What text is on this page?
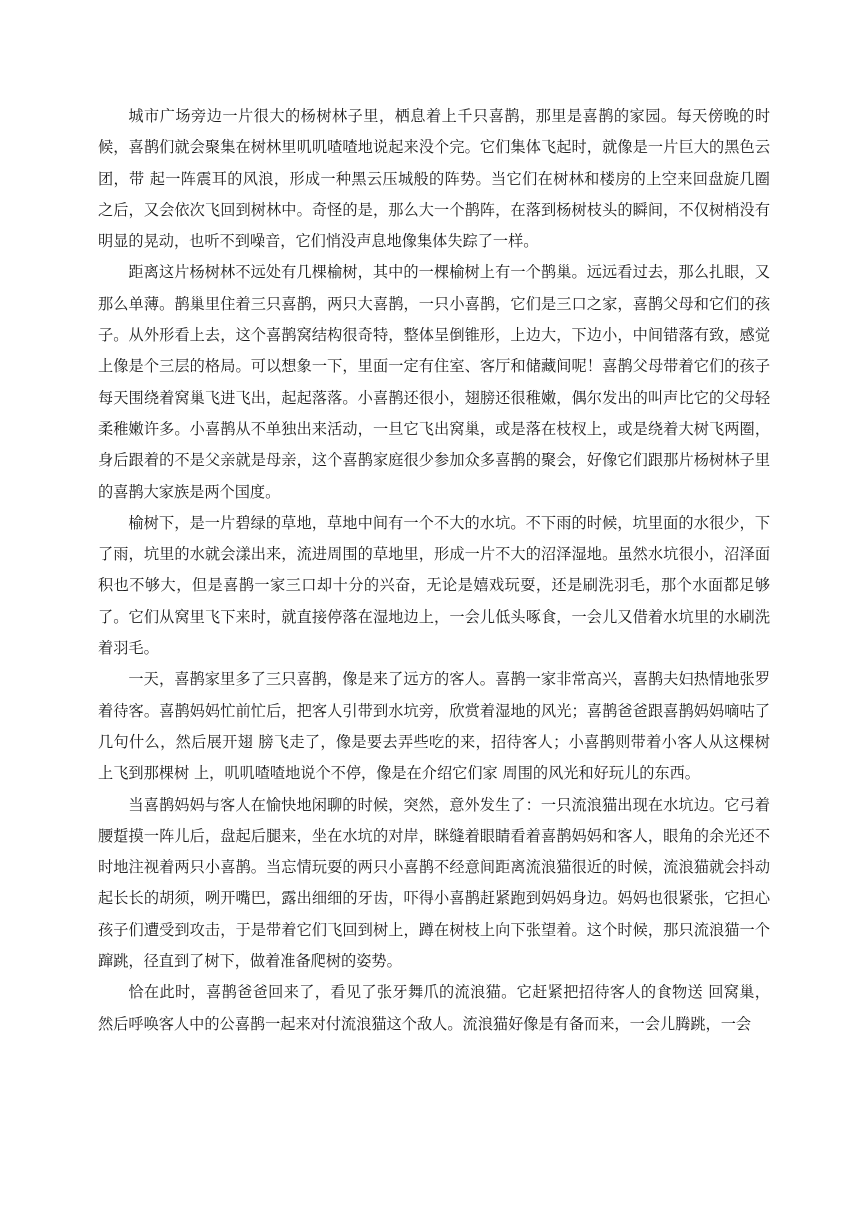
城市广场旁边一片很大的杨树林子里，栖息着上千只喜鹊，那里是喜鹊的家园。每天傍晚的时候，喜鹊们就会聚集在树林里叽叽喳喳地说起来没个完。它们集体飞起时，就像是一片巨大的黑色云团，带 起一阵震耳的风浪，形成一种黑云压城般的阵势。当它们在树林和楼房的上空来回盘旋几圈之后，又会依次飞回到树林中。奇怪的是，那么大一个鹊阵，在落到杨树枝头的瞬间，不仅树梢没有明显的晃动，也听不到噪音，它们悄没声息地像集体失踪了一样。

距离这片杨树林不远处有几棵榆树，其中的一棵榆树上有一个鹊巢。远远看过去，那么扎眼，又那么单薄。鹊巢里住着三只喜鹊，两只大喜鹊，一只小喜鹊，它们是三口之家，喜鹊父母和它们的孩子。从外形看上去，这个喜鹊窝结构很奇特，整体呈倒锥形，上边大，下边小，中间错落有致，感觉上像是个三层的格局。可以想象一下，里面一定有住室、客厅和储藏间呢！喜鹊父母带着它们的孩子每天围绕着窝巢飞进飞出，起起落落。小喜鹊还很小，翅膀还很稚嫩，偶尔发出的叫声比它的父母轻柔稚嫩许多。小喜鹊从不单独出来活动，一旦它飞出窝巢，或是落在枝杈上，或是绕着大树飞两圈，身后跟着的不是父亲就是母亲，这个喜鹊家庭很少参加众多喜鹊的聚会，好像它们跟那片杨树林子里的喜鹊大家族是两个国度。

榆树下，是一片碧绿的草地，草地中间有一个不大的水坑。不下雨的时候，坑里面的水很少，下了雨，坑里的水就会漾出来，流进周围的草地里，形成一片不大的沼泽湿地。虽然水坑很小，沼泽面积也不够大，但是喜鹊一家三口却十分的兴奋，无论是嬉戏玩耍，还是刷洗羽毛，那个水面都足够了。它们从窝里飞下来时，就直接停落在湿地边上，一会儿低头啄食，一会儿又借着水坑里的水刷洗着羽毛。

一天，喜鹊家里多了三只喜鹊，像是来了远方的客人。喜鹊一家非常高兴，喜鹊夫妇热情地张罗着待客。喜鹊妈妈忙前忙后，把客人引带到水坑旁，欣赏着湿地的风光；喜鹊爸爸跟喜鹊妈妈嘀咕了几句什么，然后展开翅 膀飞走了，像是要去弄些吃的来，招待客人；小喜鹊则带着小客人从这棵树上飞到那棵树 上，叽叽喳喳地说个不停，像是在介绍它们家 周围的风光和好玩儿的东西。

当喜鹊妈妈与客人在愉快地闲聊的时候，突然，意外发生了：一只流浪猫出现在水坑边。它弓着腰踅摸一阵儿后，盘起后腿来，坐在水坑的对岸，眯缝着眼睛看着喜鹊妈妈和客人，眼角的余光还不时地注视着两只小喜鹊。当忘情玩耍的两只小喜鹊不经意间距离流浪猫很近的时候，流浪猫就会抖动起长长的胡须，咧开嘴巴，露出细细的牙齿，吓得小喜鹊赶紧跑到妈妈身边。妈妈也很紧张，它担心孩子们遭受到攻击，于是带着它们飞回到树上，蹲在树枝上向下张望着。这个时候，那只流浪猫一个蹿跳，径直到了树下，做着准备爬树的姿势。

恰在此时，喜鹊爸爸回来了，看见了张牙舞爪的流浪猫。它赶紧把招待客人的食物送 回窝巢，然后呼唤客人中的公喜鹊一起来对付流浪猫这个敌人。流浪猫好像是有备而来，一会儿腾跳，一会
